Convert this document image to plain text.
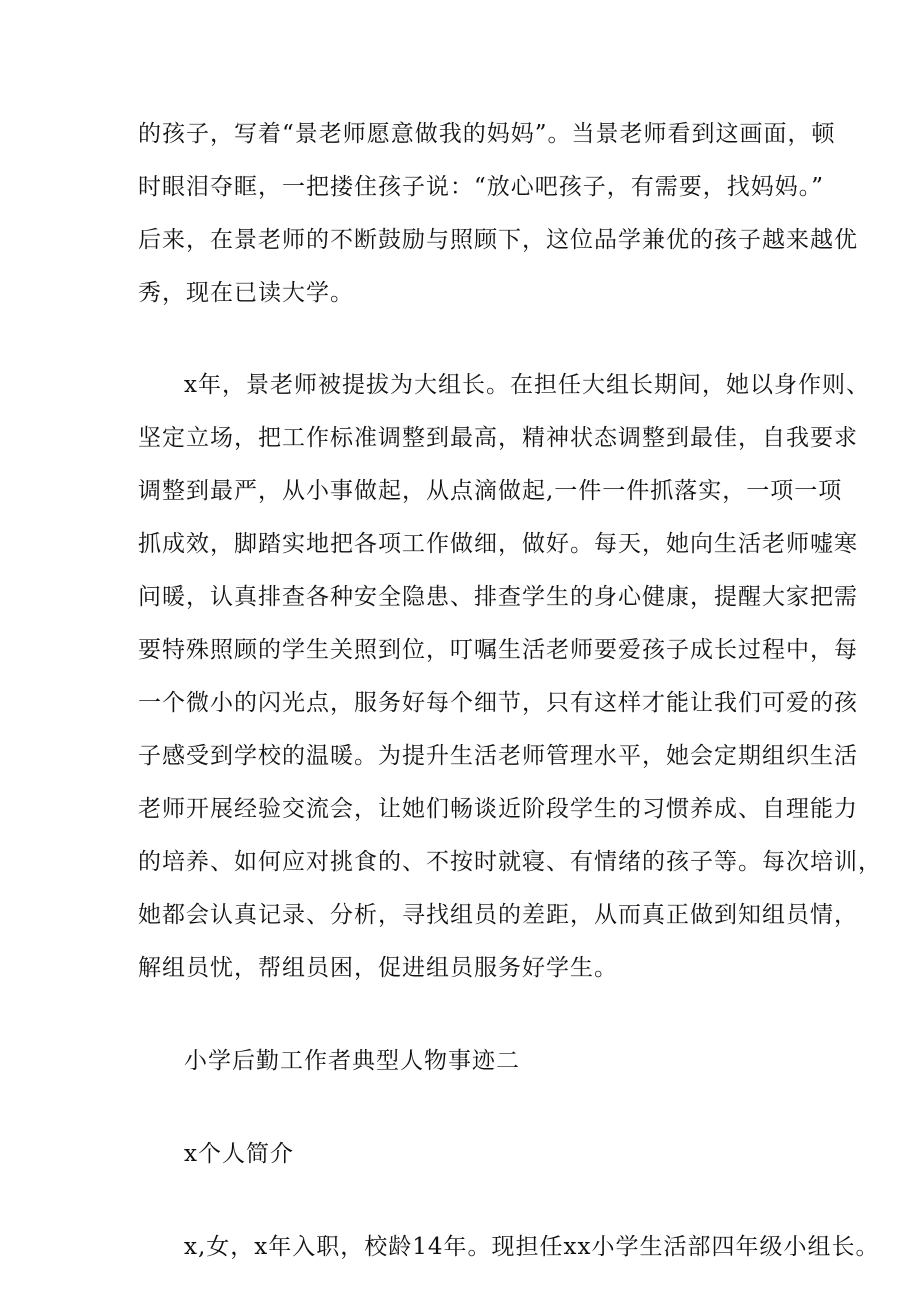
的孩子，写着“景老师愿意做我的妈妈”。当景老师看到这画面，顿
时眼泪夺眶，一把搂住孩子说：“放心吧孩子，有需要，找妈妈。”
后来，在景老师的不断鼓励与照顾下，这位品学兼优的孩子越来越优
秀，现在已读大学。
x年，景老师被提拔为大组长。在担任大组长期间，她以身作则、
坚定立场，把工作标准调整到最高，精神状态调整到最佳，自我要求
调整到最严，从小事做起，从点滴做起,一件一件抓落实，一项一项
抓成效，脚踏实地把各项工作做细，做好。每天，她向生活老师嘘寒
问暖，认真排查各种安全隐患、排查学生的身心健康，提醒大家把需
要特殊照顾的学生关照到位，叮嘱生活老师要爱孩子成长过程中，每
一个微小的闪光点，服务好每个细节，只有这样才能让我们可爱的孩
子感受到学校的温暖。为提升生活老师管理水平，她会定期组织生活
老师开展经验交流会，让她们畅谈近阶段学生的习惯养成、自理能力
的培养、如何应对挑食的、不按时就寝、有情绪的孩子等。每次培训，
她都会认真记录、分析，寻找组员的差距，从而真正做到知组员情，
解组员忧，帮组员困，促进组员服务好学生。
小学后勤工作者典型人物事迹二
x个人简介
x,女，x年入职，校龄14年。现担任xx小学生活部四年级小组长。
